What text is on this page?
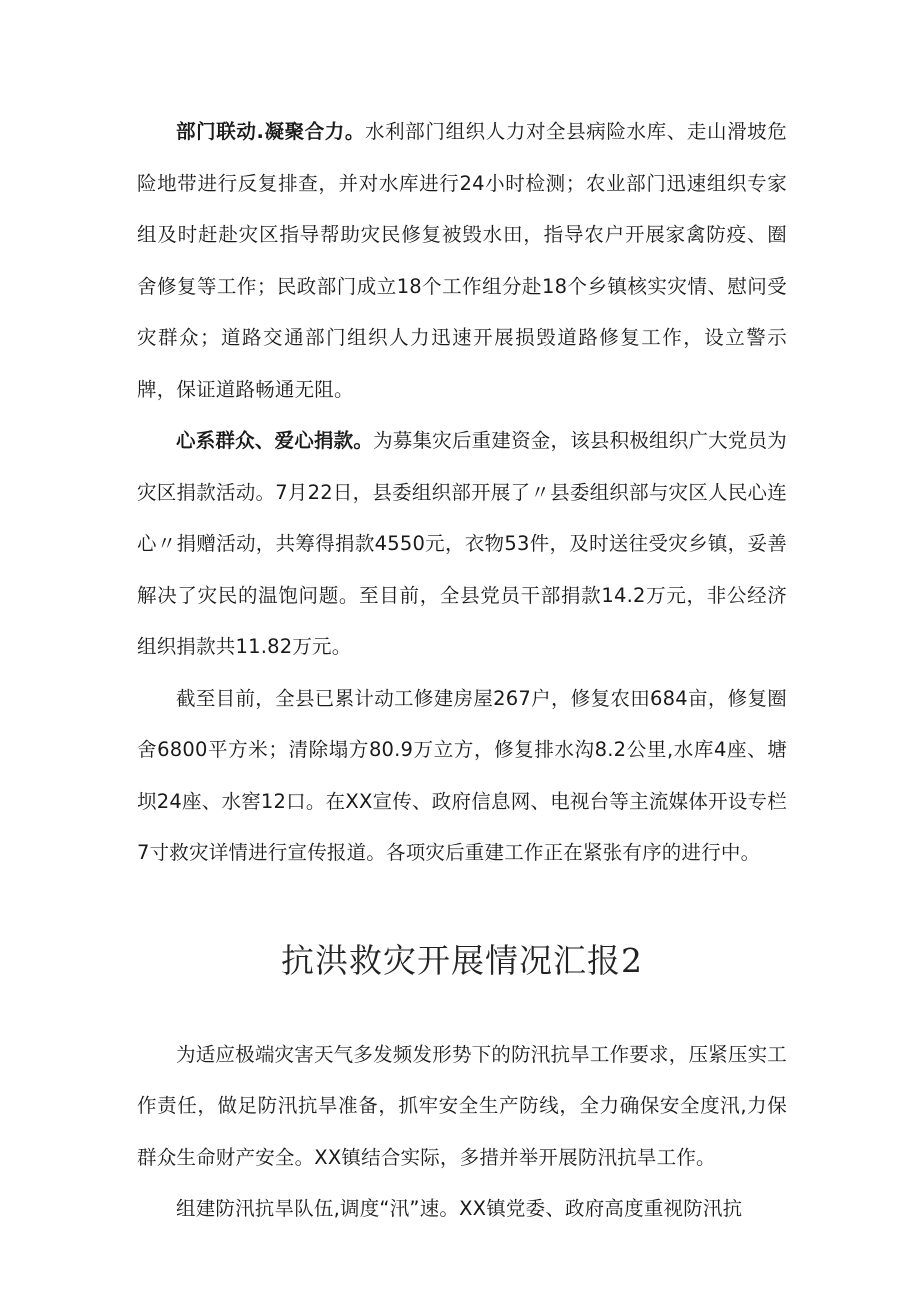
部门联动.凝聚合力。水利部门组织人力对全县病险水库、走山滑坡危险地带进行反复排查，并对水库进行24小时检测；农业部门迅速组织专家组及时赶赴灾区指导帮助灾民修复被毁水田，指导农户开展家禽防疫、圈舍修复等工作；民政部门成立18个工作组分赴18个乡镇核实灾情、慰问受灾群众；道路交通部门组织人力迅速开展损毁道路修复工作，设立警示牌，保证道路畅通无阻。

心系群众、爱心捐款。为募集灾后重建资金，该县积极组织广大党员为灾区捐款活动。7月22日，县委组织部开展了〃县委组织部与灾区人民心连心〃捐赠活动，共筹得捐款4550元，衣物53件，及时送往受灾乡镇，妥善解决了灾民的温饱问题。至目前，全县党员干部捐款14.2万元，非公经济组织捐款共11.82万元。

截至目前，全县已累计动工修建房屋267户，修复农田684亩，修复圈舍6800平方米；清除塌方80.9万立方，修复排水沟8.2公里,水库4座、塘坝24座、水窖12口。在XX宣传、政府信息网、电视台等主流媒体开设专栏7寸救灾详情进行宣传报道。各项灾后重建工作正在紧张有序的进行中。

抗洪救灾开展情况汇报2

为适应极端灾害天气多发频发形势下的防汛抗旱工作要求，压紧压实工作责任，做足防汛抗旱准备，抓牢安全生产防线，全力确保安全度汛,力保群众生命财产安全。XX镇结合实际，多措并举开展防汛抗旱工作。

组建防汛抗旱队伍,调度“汛”速。XX镇党委、政府高度重视防汛抗
